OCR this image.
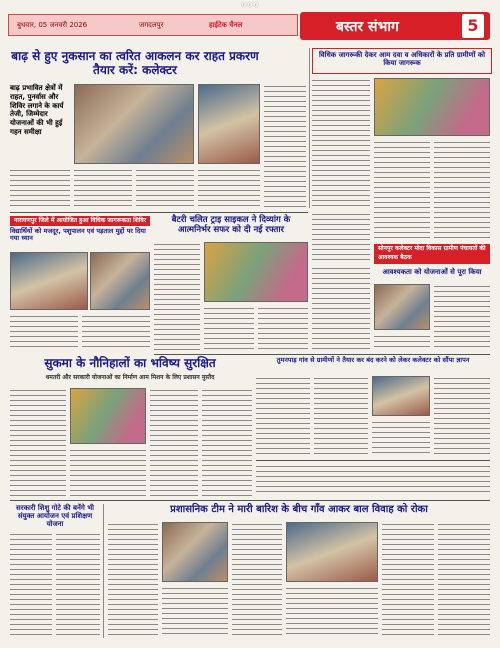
ⓒⓒⓒ
बुधवार, 05 जनवरी 2026	जगदलपुर	हाईटेक चैनल	बस्तर संभाग	5
बाढ़ से हुए नुकसान का त्वरित आकलन कर राहत प्रकरण तैयार करें: कलेक्टर
बाढ़ प्रभावित क्षेत्रों में राहत, पुनर्वास और शिविर लगाने के कार्य तेजी, जिम्मेदार योजनाओं की भी हुई गहन समीक्षा
विधिक जागरूकी देकर आम दवा व अधिकारों के प्रति ग्रामीणों को किया जागरूक
सोनपुर कलेक्टर मोदा विकास ग्रामीण पंचायतों की आवश्यक बैठक
नारायणपुर जिले में आयोजित हुआ विधिक जागरूकता शिविर
विद्यार्थियों को मजदूर, पशुपालन एवं पड़ताल मुद्दों पर दिया गया ध्यान
बैटरी चलित ट्राइ साइकल ने दिव्यांग के आत्मनिर्भर सफर को दी नई रफ्तार
आवश्यकता को योजनाओं से पूरा किया
तुमनपाड़ गांव से ग्रामीणों ने तैयार कर बंद करने को लेकर कलेक्टर को सौंपा ज्ञापन
सुकमा के नौनिहालों का भविष्य सुरक्षित
धमतरी और सरकारी योजनाओं का निर्माण आम मिशन के लिए प्रशासन मुस्तैद
सरकारी शिशु गोटे की बनेंगे भी संयुक्त आयोजन एवं प्रशिक्षण योजना
प्रशासनिक टीम ने मारी बारिश के बीच गाँव आकर बाल विवाह को रोका
